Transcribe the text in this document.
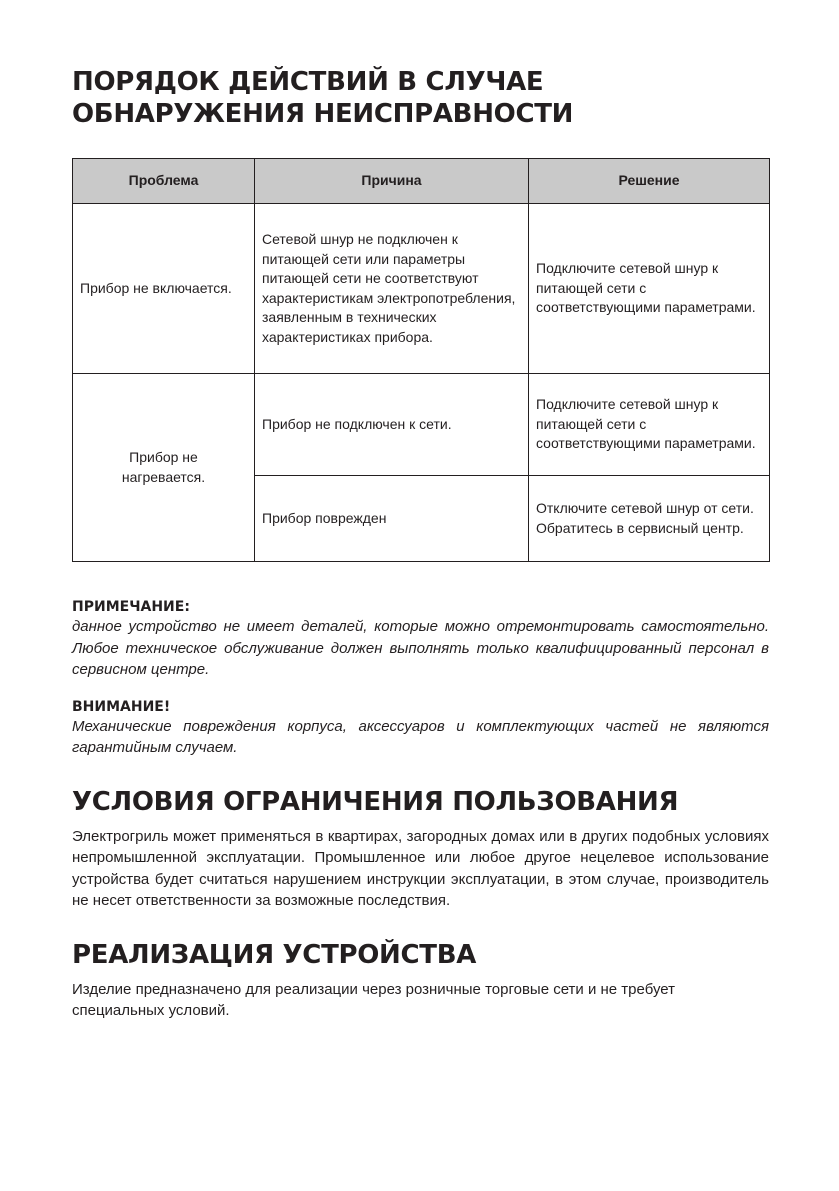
ПОРЯДОК ДЕЙСТВИЙ В СЛУЧАЕ ОБНАРУЖЕНИЯ НЕИСПРАВНОСТИ
Проблема	Причина	Решение
Прибор не включается.	Сетевой шнур не подключен к питающей сети или параметры питающей сети не соответствуют характеристикам электропотребления, заявленным в технических характеристиках прибора.	Подключите сетевой шнур к питающей сети с соответствующими параметрами.
Прибор не нагревается.	Прибор не подключен к сети.	Подключите сетевой шнур к питающей сети с соответствующими параметрами.
	Прибор поврежден	Отключите сетевой шнур от сети. Обратитесь в сервисный центр.
ПРИМЕЧАНИЕ:
данное устройство не имеет деталей, которые можно отремонтировать самостоятельно. Любое техническое обслуживание должен выполнять только квалифицированный персонал в сервисном центре.
ВНИМАНИЕ!
Механические повреждения корпуса, аксессуаров и комплектующих частей не являются гарантийным случаем.
УСЛОВИЯ ОГРАНИЧЕНИЯ ПОЛЬЗОВАНИЯ
Электрогриль может применяться в квартирах, загородных домах или в других подобных условиях непромышленной эксплуатации. Промышленное или любое другое нецелевое использование устройства будет считаться нарушением инструкции эксплуатации, в этом случае, производитель не несет ответственности за возможные последствия.
РЕАЛИЗАЦИЯ УСТРОЙСТВА
Изделие предназначено для реализации через розничные торговые сети и не требует специальных условий.
